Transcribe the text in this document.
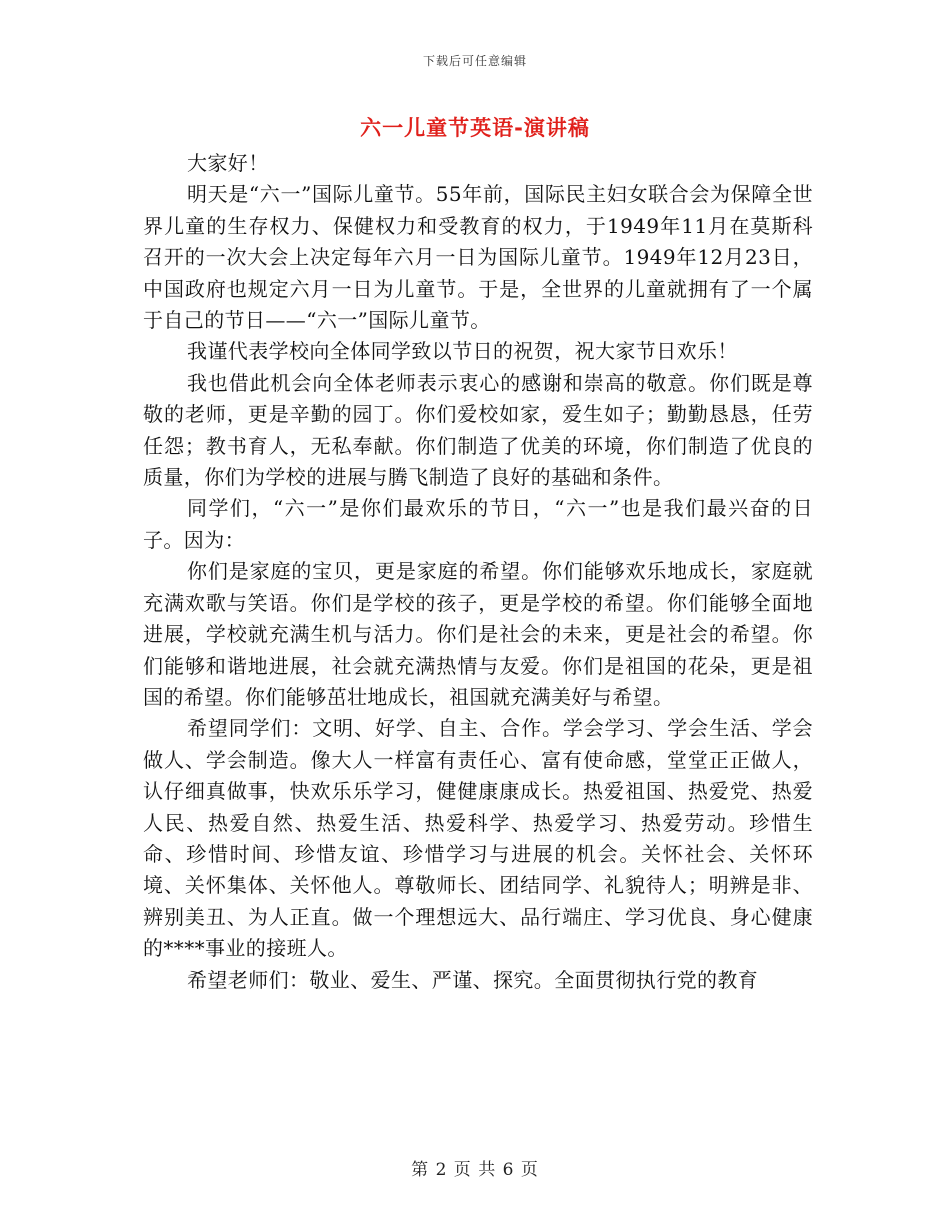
下载后可任意编辑
六一儿童节英语-演讲稿

大家好！

明天是“六一”国际儿童节。55年前，国际民主妇女联合会为保障全世界儿童的生存权力、保健权力和受教育的权力，于1949年11月在莫斯科召开的一次大会上决定每年六月一日为国际儿童节。1949年12月23日，中国政府也规定六月一日为儿童节。于是，全世界的儿童就拥有了一个属于自己的节日——“六一”国际儿童节。

我谨代表学校向全体同学致以节日的祝贺，祝大家节日欢乐！

我也借此机会向全体老师表示衷心的感谢和崇高的敬意。你们既是尊敬的老师，更是辛勤的园丁。你们爱校如家，爱生如子；勤勤恳恳，任劳任怨；教书育人，无私奉献。你们制造了优美的环境，你们制造了优良的质量，你们为学校的进展与腾飞制造了良好的基础和条件。

同学们，“六一”是你们最欢乐的节日，“六一”也是我们最兴奋的日子。因为：

你们是家庭的宝贝，更是家庭的希望。你们能够欢乐地成长，家庭就充满欢歌与笑语。你们是学校的孩子，更是学校的希望。你们能够全面地进展，学校就充满生机与活力。你们是社会的未来，更是社会的希望。你们能够和谐地进展，社会就充满热情与友爱。你们是祖国的花朵，更是祖国的希望。你们能够茁壮地成长，祖国就充满美好与希望。

希望同学们：文明、好学、自主、合作。学会学习、学会生活、学会做人、学会制造。像大人一样富有责任心、富有使命感，堂堂正正做人，认仔细真做事，快欢乐乐学习，健健康康成长。热爱祖国、热爱党、热爱人民、热爱自然、热爱生活、热爱科学、热爱学习、热爱劳动。珍惜生命、珍惜时间、珍惜友谊、珍惜学习与进展的机会。关怀社会、关怀环境、关怀集体、关怀他人。尊敬师长、团结同学、礼貌待人；明辨是非、辨别美丑、为人正直。做一个理想远大、品行端庄、学习优良、身心健康的****事业的接班人。

希望老师们：敬业、爱生、严谨、探究。全面贯彻执行党的教育

第 2 页 共 6 页
